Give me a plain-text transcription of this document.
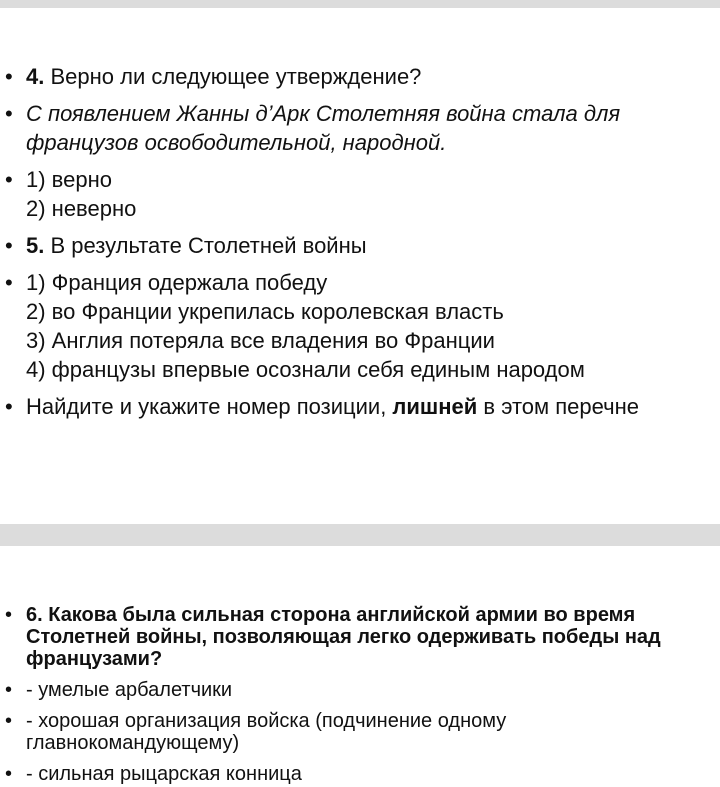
• 4. Верно ли следующее утверждение?

• С появлением Жанны д’Арк Столетняя война стала для

французов освободительной, народной.

• 1) верно

2) неверно

• 5. В результате Столетней войны

• 1) Франция одержала победу

2) во Франции укрепилась королевская власть

3) Англия потеряла все владения во Франции

4) французы впервые осознали себя единым народом

• Найдите и укажите номер позиции, лишней в этом перечне

• 6. Какова была сильная сторона английской армии во время

Столетней войны, позволяющая легко одерживать победы над

французами?

• - умелые арбалетчики

• - хорошая организация войска (подчинение одному

главнокомандующему)

• - сильная рыцарская конница
